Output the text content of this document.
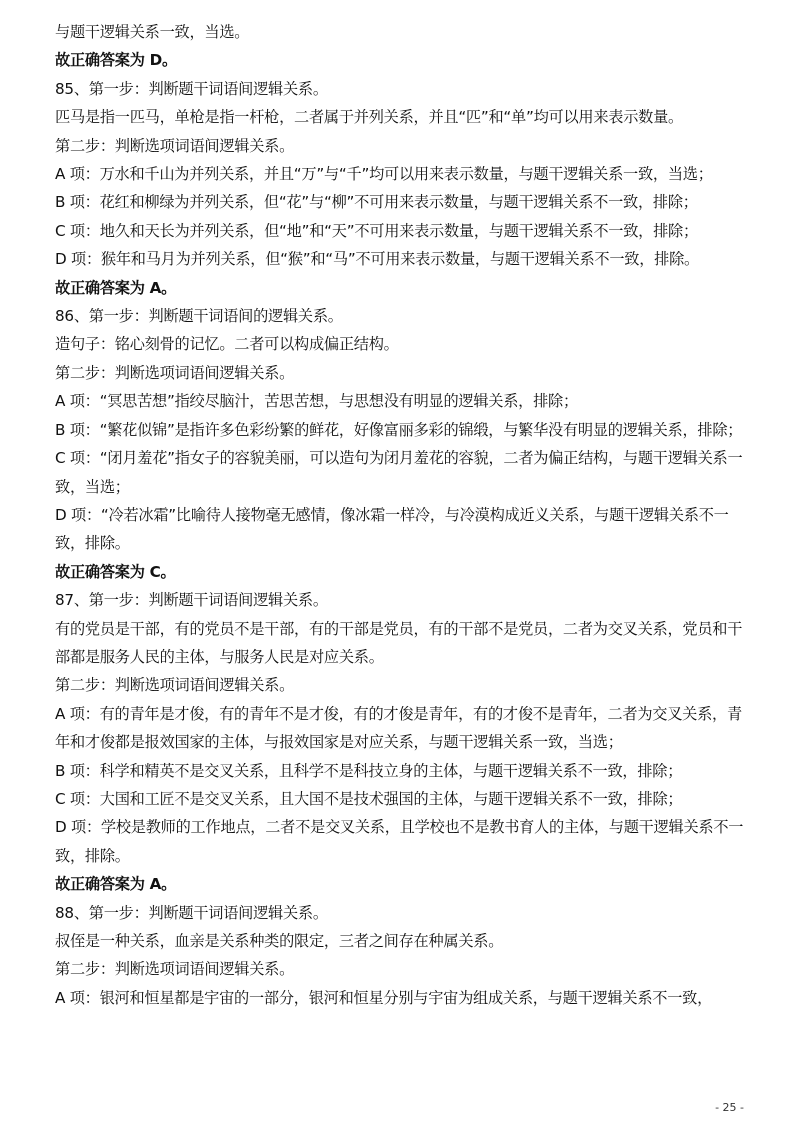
与题干逻辑关系一致，当选。

故正确答案为 D。

85、第一步：判断题干词语间逻辑关系。

匹马是指一匹马，单枪是指一杆枪，二者属于并列关系，并且“匹”和“单”均可以用来表示数量。

第二步：判断选项词语间逻辑关系。

A 项：万水和千山为并列关系，并且“万”与“千”均可以用来表示数量，与题干逻辑关系一致，当选；

B 项：花红和柳绿为并列关系，但“花”与“柳”不可用来表示数量，与题干逻辑关系不一致，排除；

C 项：地久和天长为并列关系，但“地”和“天”不可用来表示数量，与题干逻辑关系不一致，排除；

D 项：猴年和马月为并列关系，但“猴”和“马”不可用来表示数量，与题干逻辑关系不一致，排除。

故正确答案为 A。

86、第一步：判断题干词语间的逻辑关系。

造句子：铭心刻骨的记忆。二者可以构成偏正结构。

第二步：判断选项词语间逻辑关系。

A 项：“冥思苦想”指绞尽脑汁，苦思苦想，与思想没有明显的逻辑关系，排除；

B 项：“繁花似锦”是指许多色彩纷繁的鲜花，好像富丽多彩的锦缎，与繁华没有明显的逻辑关系，排除；

C 项：“闭月羞花”指女子的容貌美丽，可以造句为闭月羞花的容貌，二者为偏正结构，与题干逻辑关系一致，当选；

D 项：“冷若冰霜”比喻待人接物毫无感情，像冰霜一样冷，与冷漠构成近义关系，与题干逻辑关系不一致，排除。

故正确答案为 C。

87、第一步：判断题干词语间逻辑关系。

有的党员是干部，有的党员不是干部，有的干部是党员，有的干部不是党员，二者为交叉关系，党员和干部都是服务人民的主体，与服务人民是对应关系。

第二步：判断选项词语间逻辑关系。

A 项：有的青年是才俊，有的青年不是才俊，有的才俊是青年，有的才俊不是青年，二者为交叉关系，青年和才俊都是报效国家的主体，与报效国家是对应关系，与题干逻辑关系一致，当选；

B 项：科学和精英不是交叉关系，且科学不是科技立身的主体，与题干逻辑关系不一致，排除；

C 项：大国和工匠不是交叉关系，且大国不是技术强国的主体，与题干逻辑关系不一致，排除；

D 项：学校是教师的工作地点，二者不是交叉关系，且学校也不是教书育人的主体，与题干逻辑关系不一致，排除。

故正确答案为 A。

88、第一步：判断题干词语间逻辑关系。

叔侄是一种关系，血亲是关系种类的限定，三者之间存在种属关系。

第二步：判断选项词语间逻辑关系。

A 项：银河和恒星都是宇宙的一部分，银河和恒星分别与宇宙为组成关系，与题干逻辑关系不一致，

- 25 -
